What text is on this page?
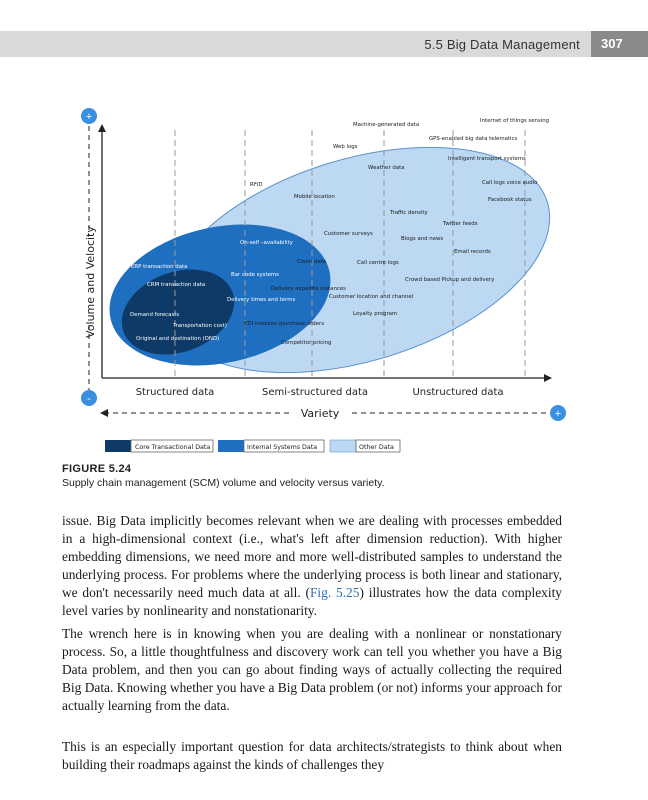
5.5 Big Data Management	307
+
-
+
Volume and Velocity
Variety
Structured data	Semi-structured data	Unstructured data
Internet of things sensing
Machine-generated data
GPS-enabled big data telematics
Web logs
Intelligent transport systems
Weather data
RFID	Call logs voice audio
Mobile location	Facebook status
Traffic density
Twitter feeds
Customer surveys
On-self –availability
Blogs and news
Email records
Claim data	Call centre logs
ERP transaction data
Bar code systems
Crowd based Pickup and delivery
CRM transaction data
Delivery expedite instances
Customer location and channel
Delivery times and terms
Demand forecasts	Loyalty program
EDI invoices /purchase orders
Transportation cost)
Original and destination (OND)
Competitor pricing
Core Transactional Data	Internal Systems Data	Other Data
FIGURE 5.24
Supply chain management (SCM) volume and velocity versus variety.
issue. Big Data implicitly becomes relevant when we are dealing with processes embedded in a high-dimensional context (i.e., what's left after dimension reduction). With higher embedding dimensions, we need more and more well-distributed samples to understand the underlying process. For problems where the underlying process is both linear and stationary, we don't necessarily need much data at all. (Fig. 5.25) illustrates how the data complexity level varies by nonlinearity and nonstationarity.
The wrench here is in knowing when you are dealing with a nonlinear or nonstationary process. So, a little thoughtfulness and discovery work can tell you whether you have a Big Data problem, and then you can go about finding ways of actually collecting the required Big Data. Knowing whether you have a Big Data problem (or not) informs your approach for actually learning from the data.
This is an especially important question for data architects/strategists to think about when building their roadmaps against the kinds of challenges they
